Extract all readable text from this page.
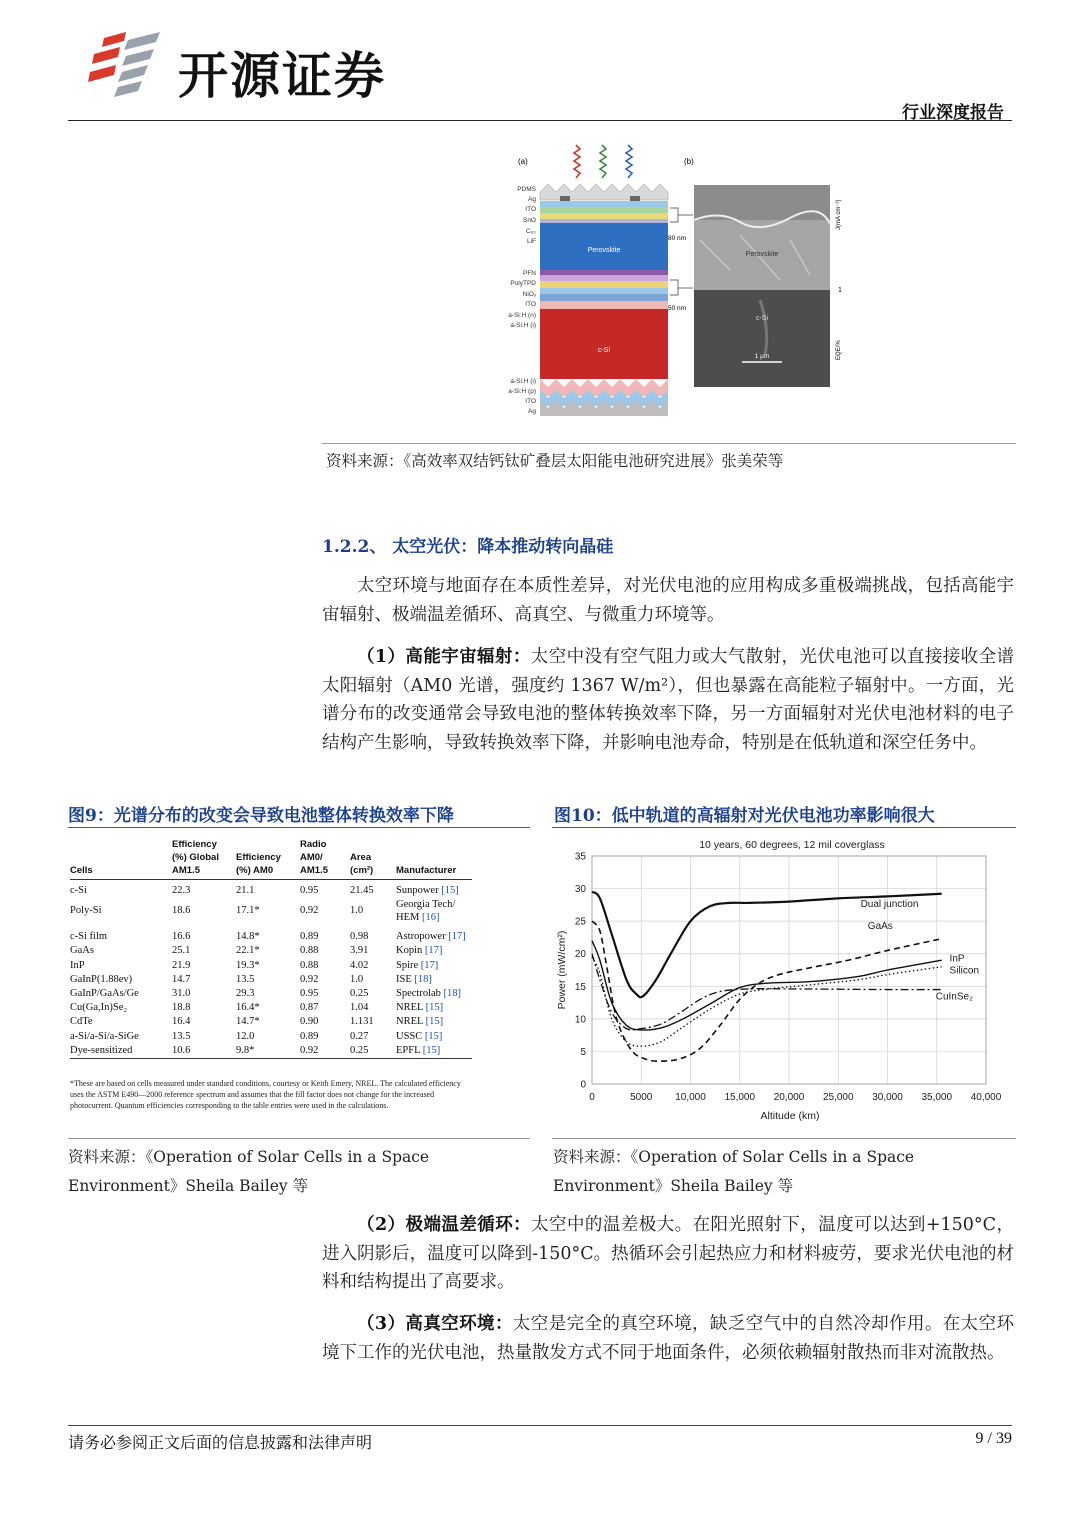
开源证券
行业深度报告
(a)	(b)
Perovskite
c-Si
PDMS
Ag
ITO
SnO
C₆₀
LiF
PFN
PolyTPD
NiOₓ
ITO
a-Si:H (n)
a-Si:H (i)
a-Si:H (i)
a-Si:H (p)
ITO
Ag
80 nm
50 nm
Perovskite
c-Si
1 μm
J(mA cm⁻²)
1
EQE/%
资料来源：《高效率双结钙钛矿叠层太阳能电池研究进展》张美荣等
1.2.2、 太空光伏：降本推动转向晶硅
太空环境与地面存在本质性差异，对光伏电池的应用构成多重极端挑战，包括高能宇宙辐射、极端温差循环、高真空、与微重力环境等。
（1）高能宇宙辐射：太空中没有空气阻力或大气散射，光伏电池可以直接接收全谱太阳辐射（AM0 光谱，强度约 1367 W/m²），但也暴露在高能粒子辐射中。一方面，光谱分布的改变通常会导致电池的整体转换效率下降，另一方面辐射对光伏电池材料的电子结构产生影响，导致转换效率下降，并影响电池寿命，特别是在低轨道和深空任务中。
图9：光谱分布的改变会导致电池整体转换效率下降
Cells	Efficiency (%) Global AM1.5	Efficiency (%) AM0	Radio AM0/ AM1.5	Area (cm²)	Manufacturer
c-Si	22.3	21.1	0.95	21.45	Sunpower [15]
Poly-Si	18.6	17.1*	0.92	1.0	Georgia Tech/ HEM [16]
c-Si film	16.6	14.8*	0.89	0.98	Astropower [17]
GaAs	25.1	22.1*	0.88	3.91	Kopin [17]
InP	21.9	19.3*	0.88	4.02	Spire [17]
GaInP(1.88ev)	14.7	13.5	0.92	1.0	ISE [18]
GaInP/GaAs/Ge	31.0	29.3	0.95	0.25	Spectrolab [18]
Cu(Ga,In)Se₂	18.8	16.4*	0.87	1.04	NREL [15]
CdTe	16.4	14.7*	0.90	1.131	NREL [15]
a-Si/a-Si/a-SiGe	13.5	12.0	0.89	0.27	USSC [15]
Dye-sensitized	10.6	9.8*	0.92	0.25	EPFL [15]
*These are based on cells measured under standard conditions, courtesy or Keith Emery, NREL. The calculated efficiency uses the ASTM E490—2000 reference spectrum and assumes that the fill factor does not change for the increased photocurrent. Quantum efficiencies corresponding to the table entries were used in the calculations.
资料来源：《Operation of Solar Cells in a Space Environment》Sheila Bailey 等
图10：低中轨道的高辐射对光伏电池功率影响很大
10 years, 60 degrees, 12 mil coverglass
Altitude (km)
Power (mW/cm²)
0
5
10
15
20
25
30
35
0	5000 10,000 15,000 20,000 25,000 30,000 35,000 40,000
Dual junction
GaAs
InP
Silicon
CuInSe₂
资料来源：《Operation of Solar Cells in a Space Environment》Sheila Bailey 等
（2）极端温差循环：太空中的温差极大。在阳光照射下，温度可以达到+150°C，进入阴影后，温度可以降到-150°C。热循环会引起热应力和材料疲劳，要求光伏电池的材料和结构提出了高要求。
（3）高真空环境：太空是完全的真空环境，缺乏空气中的自然冷却作用。在太空环境下工作的光伏电池，热量散发方式不同于地面条件，必须依赖辐射散热而非对流散热。
请务必参阅正文后面的信息披露和法律声明	9 / 39
